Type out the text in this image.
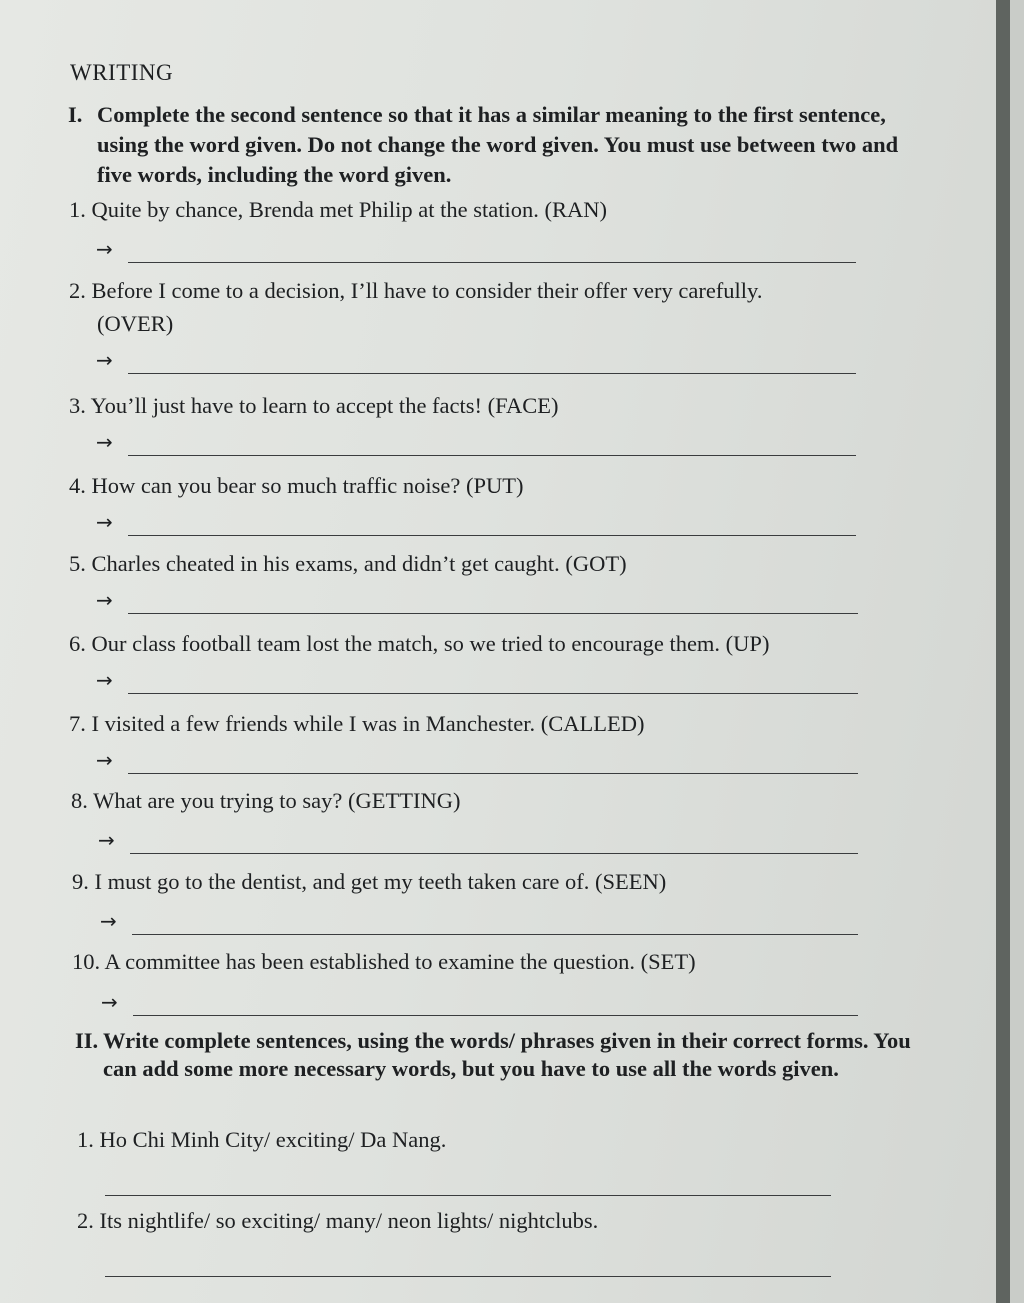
WRITING
I. Complete the second sentence so that it has a similar meaning to the first sentence, using the word given. Do not change the word given. You must use between two and five words, including the word given.
1. Quite by chance, Brenda met Philip at the station. (RAN)
→
2. Before I come to a decision, I’ll have to consider their offer very carefully.
(OVER)
→
3. You’ll just have to learn to accept the facts! (FACE)
→
4. How can you bear so much traffic noise? (PUT)
→
5. Charles cheated in his exams, and didn’t get caught. (GOT)
→
6. Our class football team lost the match, so we tried to encourage them. (UP)
→
7. I visited a few friends while I was in Manchester. (CALLED)
→
8. What are you trying to say? (GETTING)
→
9. I must go to the dentist, and get my teeth taken care of. (SEEN)
→
10. A committee has been established to examine the question. (SET)
→
II. Write complete sentences, using the words/ phrases given in their correct forms. You can add some more necessary words, but you have to use all the words given.
1. Ho Chi Minh City/ exciting/ Da Nang.
2. Its nightlife/ so exciting/ many/ neon lights/ nightclubs.
